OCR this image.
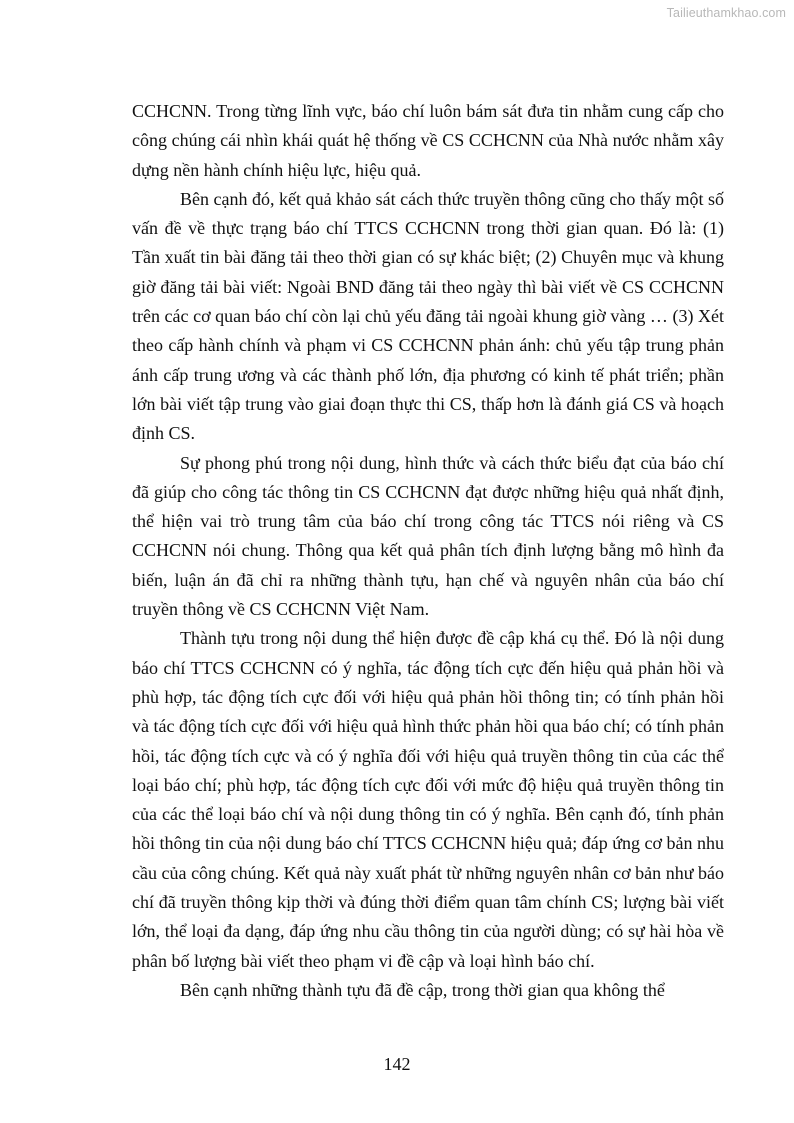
Tailieuthamkhao.com

CCHCNN. Trong từng lĩnh vực, báo chí luôn bám sát đưa tin nhằm cung cấp cho công chúng cái nhìn khái quát hệ thống về CS CCHCNN của Nhà nước nhằm xây dựng nền hành chính hiệu lực, hiệu quả.

Bên cạnh đó, kết quả khảo sát cách thức truyền thông cũng cho thấy một số vấn đề về thực trạng báo chí TTCS CCHCNN trong thời gian quan. Đó là: (1) Tần xuất tin bài đăng tải theo thời gian có sự khác biệt; (2) Chuyên mục và khung giờ đăng tải bài viết: Ngoài BND đăng tải theo ngày thì bài viết về CS CCHCNN trên các cơ quan báo chí còn lại chủ yếu đăng tải ngoài khung giờ vàng … (3) Xét theo cấp hành chính và phạm vi CS CCHCNN phản ánh: chủ yếu tập trung phản ánh cấp trung ương và các thành phố lớn, địa phương có kinh tế phát triển; phần lớn bài viết tập trung vào giai đoạn thực thi CS, thấp hơn là đánh giá CS và hoạch định CS.

Sự phong phú trong nội dung, hình thức và cách thức biểu đạt của báo chí đã giúp cho công tác thông tin CS CCHCNN đạt được những hiệu quả nhất định, thể hiện vai trò trung tâm của báo chí trong công tác TTCS nói riêng và CS CCHCNN nói chung. Thông qua kết quả phân tích định lượng bằng mô hình đa biến, luận án đã chỉ ra những thành tựu, hạn chế và nguyên nhân của báo chí truyền thông về CS CCHCNN Việt Nam.

Thành tựu trong nội dung thể hiện được đề cập khá cụ thể. Đó là nội dung báo chí TTCS CCHCNN có ý nghĩa, tác động tích cực đến hiệu quả phản hồi và phù hợp, tác động tích cực đối với hiệu quả phản hồi thông tin; có tính phản hồi và tác động tích cực đối với hiệu quả hình thức phản hồi qua báo chí; có tính phản hồi, tác động tích cực và có ý nghĩa đối với hiệu quả truyền thông tin của các thể loại báo chí; phù hợp, tác động tích cực đối với mức độ hiệu quả truyền thông tin của các thể loại báo chí và nội dung thông tin có ý nghĩa. Bên cạnh đó, tính phản hồi thông tin của nội dung báo chí TTCS CCHCNN hiệu quả; đáp ứng cơ bản nhu cầu của công chúng. Kết quả này xuất phát từ những nguyên nhân cơ bản như báo chí đã truyền thông kịp thời và đúng thời điểm quan tâm chính CS; lượng bài viết lớn, thể loại đa dạng, đáp ứng nhu cầu thông tin của người dùng; có sự hài hòa về phân bố lượng bài viết theo phạm vi đề cập và loại hình báo chí.

Bên cạnh những thành tựu đã đề cập, trong thời gian qua không thể

142
